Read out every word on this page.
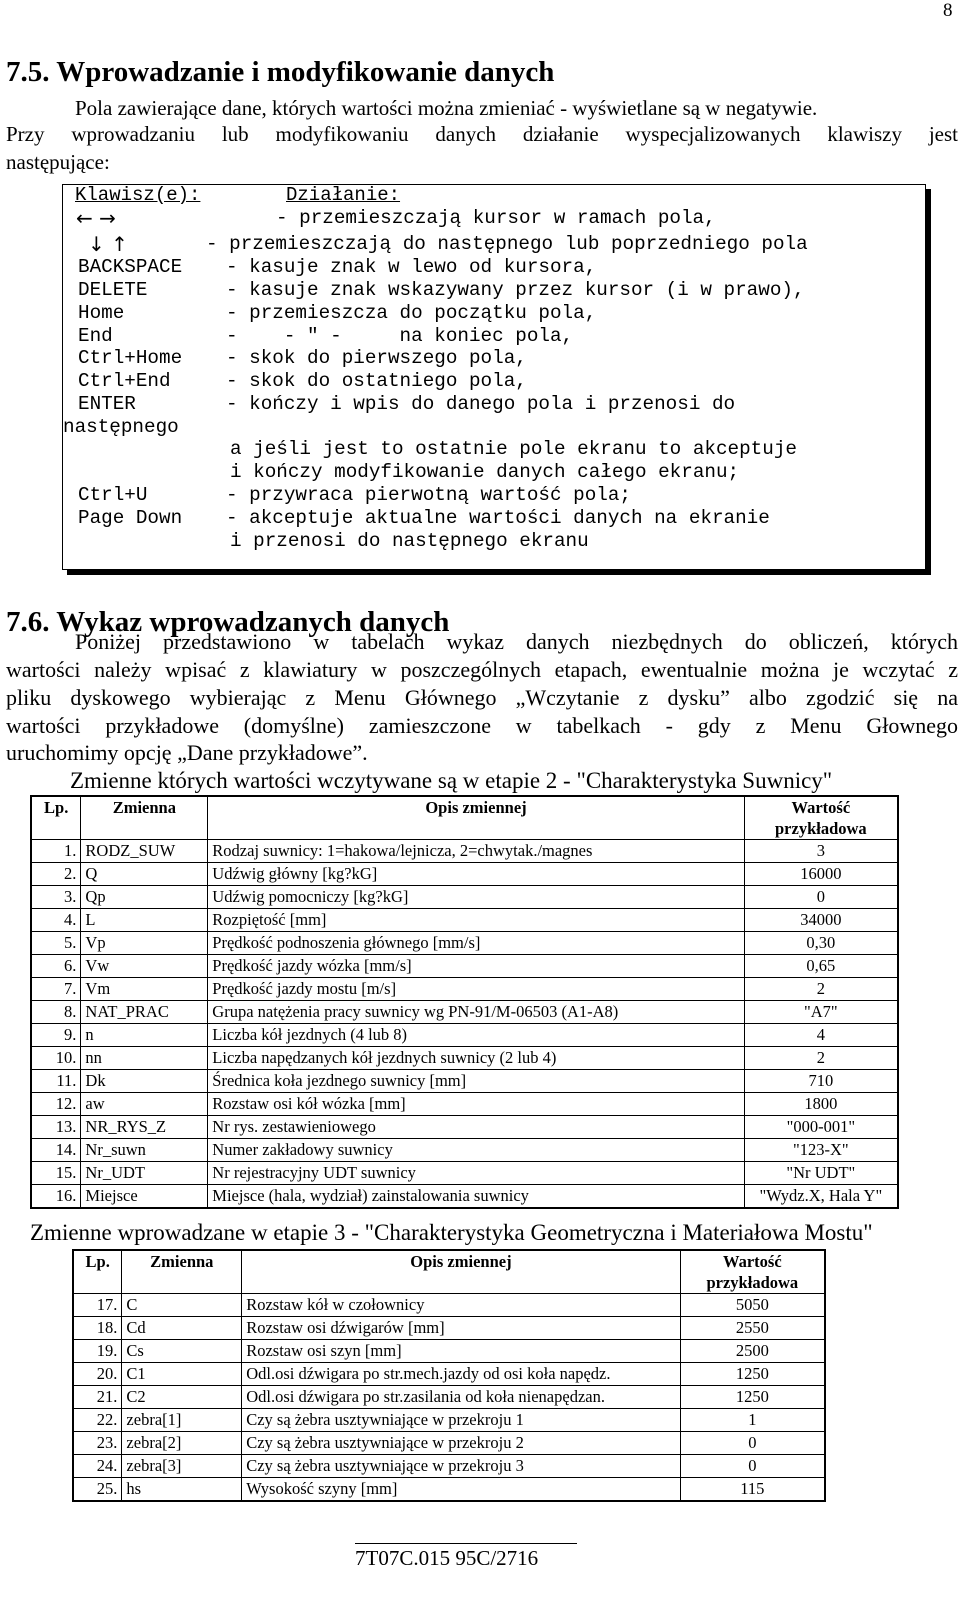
8
7.5. Wprowadzanie i modyfikowanie danych
Pola zawierające dane, których wartości można zmieniać - wyświetlane są w negatywie.
Przy wprowadzaniu lub modyfikowaniu danych działanie wyspecjalizowanych klawiszy jest
następujące:
Klawisz(e):	Działanie:
← →	- przemieszczają kursor w ramach pola,
↓ ↑	- przemieszczają do następnego lub poprzedniego pola
BACKSPACE - kasuje znak w lewo od kursora,
DELETE	- kasuje znak wskazywany przez kursor (i w prawo),
Home	- przemieszcza do początku pola,
End	-    - " -     na koniec pola,
Ctrl+Home - skok do pierwszego pola,
Ctrl+End	- skok do ostatniego pola,
ENTER	- kończy i wpis do danego pola i przenosi do
następnego
a jeśli jest to ostatnie pole ekranu to akceptuje
i kończy modyfikowanie danych całego ekranu;
Ctrl+U	- przywraca pierwotną wartość pola;
Page Down - akceptuje aktualne wartości danych na ekranie
i przenosi do następnego ekranu
7.6. Wykaz wprowadzanych danych
Poniżej przedstawiono w tabelach wykaz danych niezbędnych do obliczeń, których
wartości należy wpisać z klawiatury w poszczególnych etapach, ewentualnie można je wczytać z
pliku dyskowego wybierając z Menu Głównego „Wczytanie z dysku” albo zgodzić się na
wartości przykładowe (domyślne) zamieszczone w tabelkach - gdy z Menu Głownego
uruchomimy opcję „Dane przykładowe”.
Zmienne których wartości wczytywane są w etapie 2 - "Charakterystyka Suwnicy"
Lp.	Zmienna	Opis zmiennej	Wartość przykładowa
1.	RODZ_SUW	Rodzaj suwnicy: 1=hakowa/lejnicza, 2=chwytak./magnes	3
2.	Q	Udźwig główny [kg?kG]	16000
3.	Qp	Udźwig pomocniczy [kg?kG]	0
4.	L	Rozpiętość [mm]	34000
5.	Vp	Prędkość podnoszenia głównego [mm/s]	0,30
6.	Vw	Prędkość jazdy wózka [mm/s]	0,65
7.	Vm	Prędkość jazdy mostu [m/s]	2
8.	NAT_PRAC	Grupa natężenia pracy suwnicy wg PN-91/M-06503 (A1-A8)	"A7"
9.	n	Liczba kół jezdnych (4 lub 8)	4
10.	nn	Liczba napędzanych kół jezdnych suwnicy (2 lub 4)	2
11.	Dk	Średnica koła jezdnego suwnicy [mm]	710
12.	aw	Rozstaw osi kół wózka [mm]	1800
13.	NR_RYS_Z	Nr rys. zestawieniowego	"000-001"
14.	Nr_suwn	Numer zakładowy suwnicy	"123-X"
15.	Nr_UDT	Nr rejestracyjny UDT suwnicy	"Nr UDT"
16.	Miejsce	Miejsce (hala, wydział) zainstalowania suwnicy	"Wydz.X, Hala Y"
Zmienne wprowadzane w etapie 3 - "Charakterystyka Geometryczna i Materiałowa Mostu"
Lp.	Zmienna	Opis zmiennej	Wartość przykładowa
17.	C	Rozstaw kół w czołownicy	5050
18.	Cd	Rozstaw osi dźwigarów [mm]	2550
19.	Cs	Rozstaw osi szyn [mm]	2500
20.	C1	Odl.osi dźwigara po str.mech.jazdy od osi koła napędz.	1250
21.	C2	Odl.osi dźwigara po str.zasilania od koła nienapędzan.	1250
22.	zebra[1]	Czy są żebra usztywniające w przekroju 1	1
23.	zebra[2]	Czy są żebra usztywniające w przekroju 2	0
24.	zebra[3]	Czy są żebra usztywniające w przekroju 3	0
25.	hs	Wysokość szyny [mm]	115
7T07C.015 95C/2716
